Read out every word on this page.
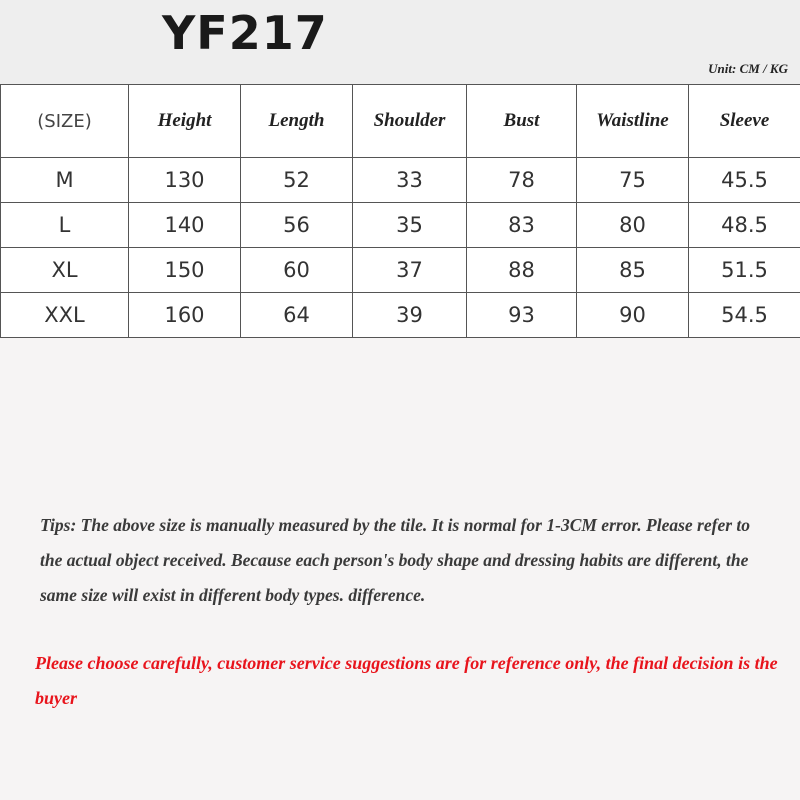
YF217
Unit: CM / KG
(SIZE)	Height	Length	Shoulder	Bust	Waistline	Sleeve
M	130	52	33	78	75	45.5
L	140	56	35	83	80	48.5
XL	150	60	37	88	85	51.5
XXL	160	64	39	93	90	54.5
Tips: The above size is manually measured by the tile. It is normal for 1-3CM error. Please refer to the actual object received. Because each person's body shape and dressing habits are different, the same size will exist in different body types. difference.
Please choose carefully, customer service suggestions are for reference only, the final decision is the buyer
